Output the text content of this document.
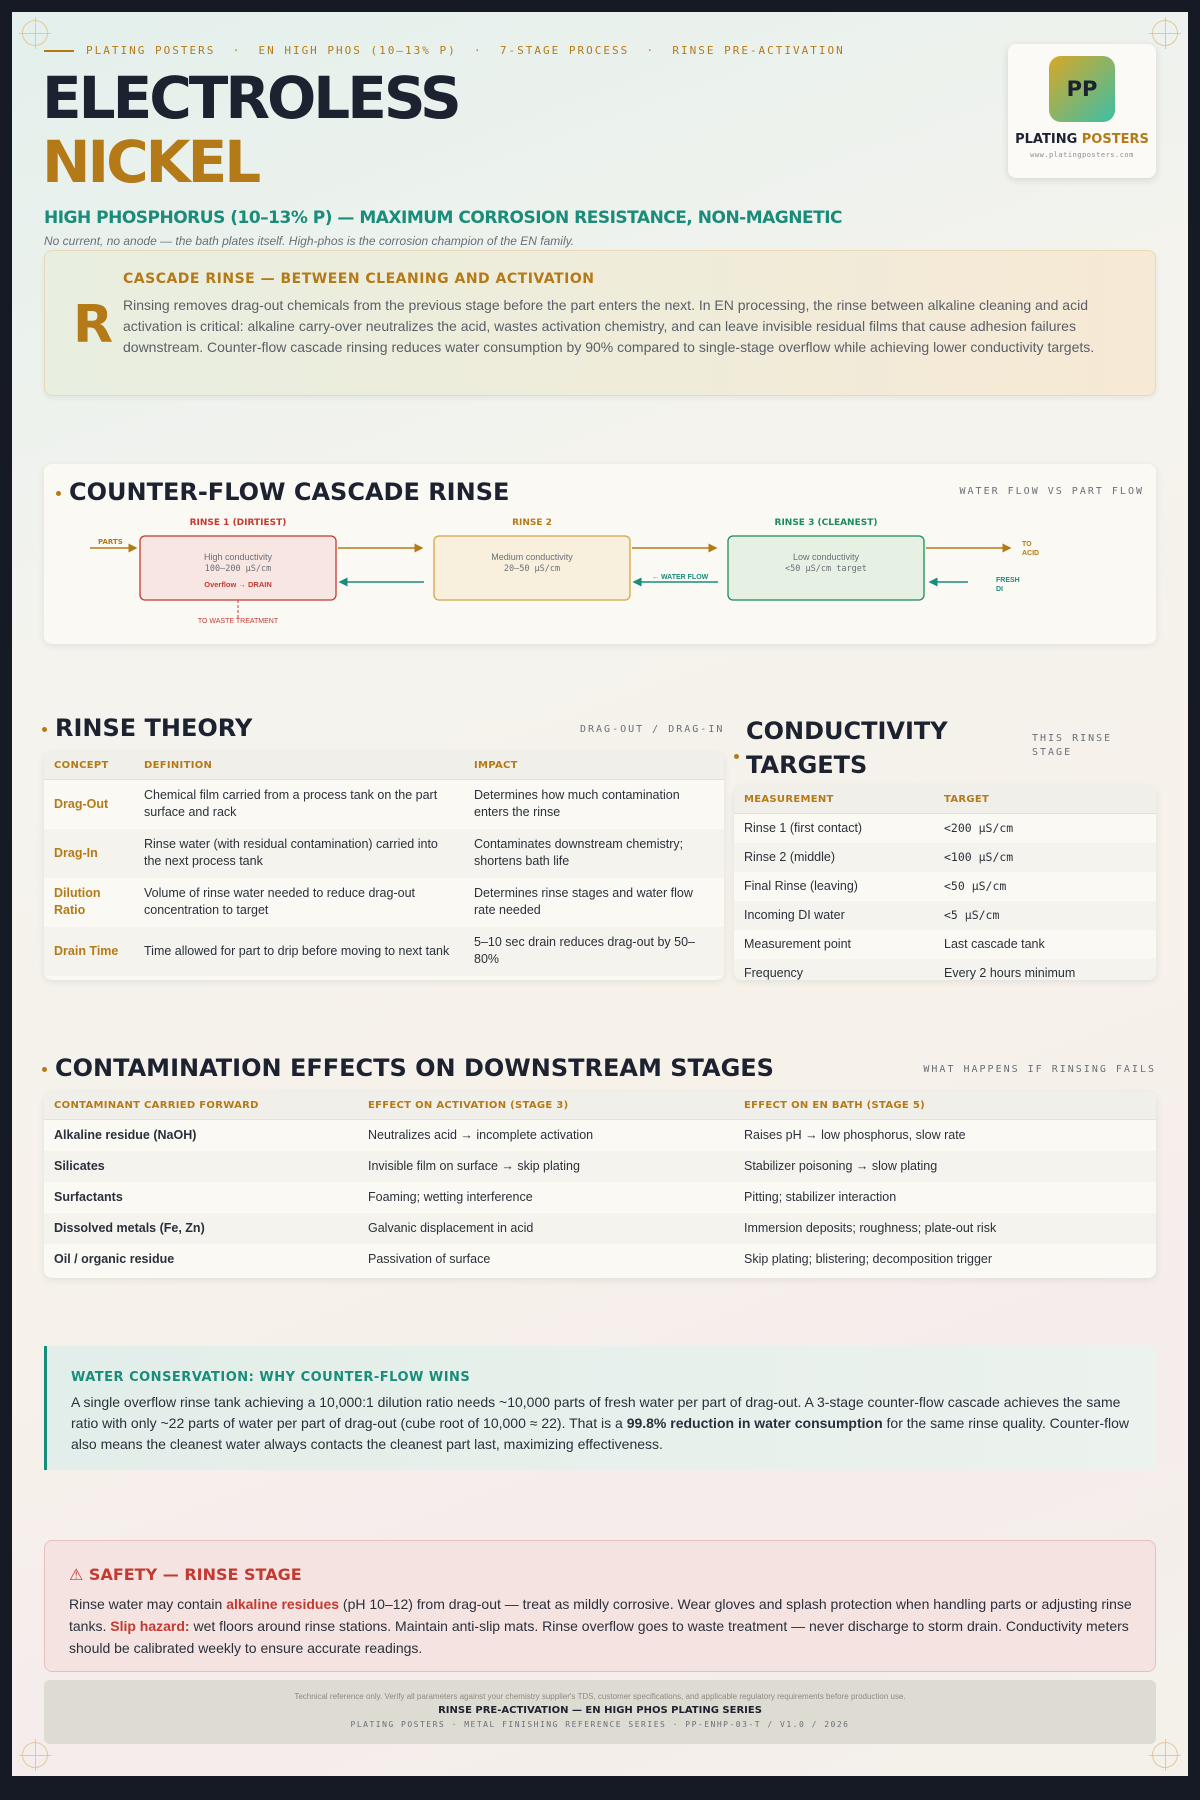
PLATING POSTERS  ·  EN HIGH PHOS (10–13% P)  ·  7-STAGE PROCESS  ·  RINSE PRE-ACTIVATION
ELECTROLESS
NICKEL
HIGH PHOSPHORUS (10–13% P) — MAXIMUM CORROSION RESISTANCE, NON-MAGNETIC
No current, no anode — the bath plates itself. High-phos is the corrosion champion of the EN family.
PP
PLATING POSTERS
www.platingposters.com
R
CASCADE RINSE — BETWEEN CLEANING AND ACTIVATION
Rinsing removes drag-out chemicals from the previous stage before the part enters the next. In EN processing, the rinse between alkaline cleaning and acid activation is critical: alkaline carry-over neutralizes the acid, wastes activation chemistry, and can leave invisible residual films that cause adhesion failures downstream. Counter-flow cascade rinsing reduces water consumption by 90% compared to single-stage overflow while achieving lower conductivity targets.
COUNTER-FLOW CASCADE RINSE	WATER FLOW VS PART FLOW
PARTS
RINSE 1 (DIRTIEST)	RINSE 2	RINSE 3 (CLEANEST)
High conductivity
100–200 µS/cm
Overflow → DRAIN
Medium conductivity
20–50 µS/cm
Low conductivity
<50 µS/cm target
← WATER FLOW
TO
ACID
FRESH
DI
TO WASTE TREATMENT
RINSE THEORY	DRAG-OUT / DRAG-IN
CONCEPT	DEFINITION	IMPACT
Drag-Out	Chemical film carried from a process tank on the part surface and rack	Determines how much contamination enters the rinse
Drag-In	Rinse water (with residual contamination) carried into the next process tank	Contaminates downstream chemistry; shortens bath life
Dilution Ratio	Volume of rinse water needed to reduce drag-out concentration to target	Determines rinse stages and water flow rate needed
Drain Time	Time allowed for part to drip before moving to next tank	5–10 sec drain reduces drag-out by 50–80%
CONDUCTIVITY
TARGETS
THIS RINSE
STAGE
MEASUREMENT	TARGET
Rinse 1 (first contact)	<200 µS/cm
Rinse 2 (middle)	<100 µS/cm
Final Rinse (leaving)	<50 µS/cm
Incoming DI water	<5 µS/cm
Measurement point	Last cascade tank
Frequency	Every 2 hours minimum
CONTAMINATION EFFECTS ON DOWNSTREAM STAGES	WHAT HAPPENS IF RINSING FAILS
CONTAMINANT CARRIED FORWARD	EFFECT ON ACTIVATION (STAGE 3)	EFFECT ON EN BATH (STAGE 5)
Alkaline residue (NaOH)	Neutralizes acid → incomplete activation	Raises pH → low phosphorus, slow rate
Silicates	Invisible film on surface → skip plating	Stabilizer poisoning → slow plating
Surfactants	Foaming; wetting interference	Pitting; stabilizer interaction
Dissolved metals (Fe, Zn)	Galvanic displacement in acid	Immersion deposits; roughness; plate-out risk
Oil / organic residue	Passivation of surface	Skip plating; blistering; decomposition trigger
WATER CONSERVATION: WHY COUNTER-FLOW WINS
A single overflow rinse tank achieving a 10,000:1 dilution ratio needs ~10,000 parts of fresh water per part of drag-out. A 3-stage counter-flow cascade achieves the same ratio with only ~22 parts of water per part of drag-out (cube root of 10,000 ≈ 22). That is a 99.8% reduction in water consumption for the same rinse quality. Counter-flow also means the cleanest water always contacts the cleanest part last, maximizing effectiveness.
⚠ SAFETY — RINSE STAGE
Rinse water may contain alkaline residues (pH 10–12) from drag-out — treat as mildly corrosive. Wear gloves and splash protection when handling parts or adjusting rinse tanks. Slip hazard: wet floors around rinse stations. Maintain anti-slip mats. Rinse overflow goes to waste treatment — never discharge to storm drain. Conductivity meters should be calibrated weekly to ensure accurate readings.
Technical reference only. Verify all parameters against your chemistry supplier's TDS, customer specifications, and applicable regulatory requirements before production use.
RINSE PRE-ACTIVATION — EN HIGH PHOS PLATING SERIES
PLATING POSTERS · METAL FINISHING REFERENCE SERIES · PP-ENHP-03-T / V1.0 / 2026
